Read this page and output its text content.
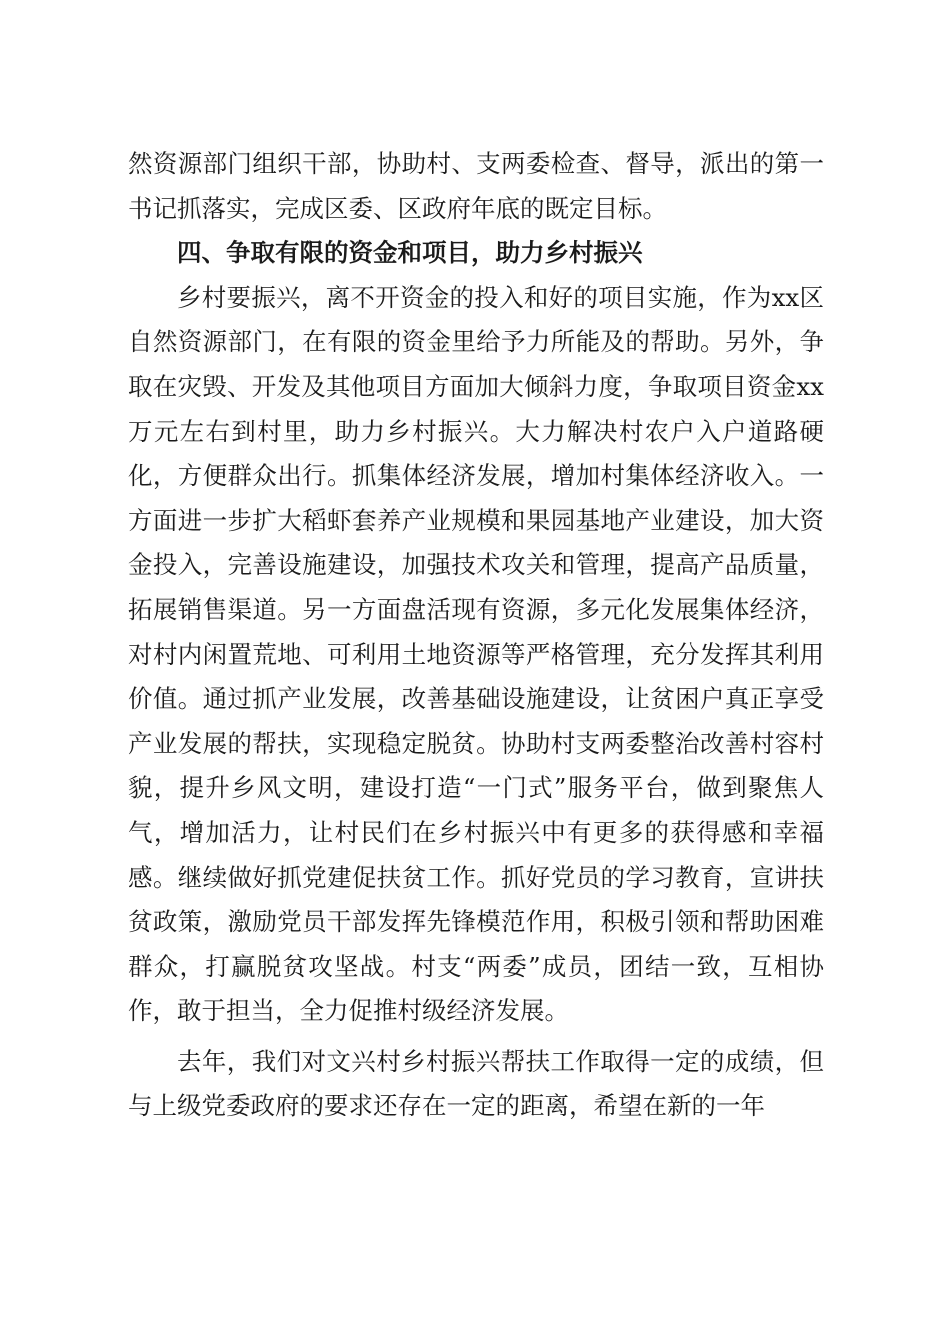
然资源部门组织干部，协助村、支两委检查、督导，派出的第一书记抓落实，完成区委、区政府年底的既定目标。

四、争取有限的资金和项目，助力乡村振兴

乡村要振兴，离不开资金的投入和好的项目实施，作为xx区自然资源部门，在有限的资金里给予力所能及的帮助。另外，争取在灾毁、开发及其他项目方面加大倾斜力度，争取项目资金xx万元左右到村里，助力乡村振兴。大力解决村农户入户道路硬化，方便群众出行。抓集体经济发展，增加村集体经济收入。一方面进一步扩大稻虾套养产业规模和果园基地产业建设，加大资金投入，完善设施建设，加强技术攻关和管理，提高产品质量，拓展销售渠道。另一方面盘活现有资源，多元化发展集体经济，对村内闲置荒地、可利用土地资源等严格管理，充分发挥其利用价值。通过抓产业发展，改善基础设施建设，让贫困户真正享受产业发展的帮扶，实现稳定脱贫。协助村支两委整治改善村容村貌，提升乡风文明，建设打造“一门式”服务平台，做到聚焦人气，增加活力，让村民们在乡村振兴中有更多的获得感和幸福感。继续做好抓党建促扶贫工作。抓好党员的学习教育，宣讲扶贫政策，激励党员干部发挥先锋模范作用，积极引领和帮助困难群众，打赢脱贫攻坚战。村支“两委”成员，团结一致，互相协作，敢于担当，全力促推村级经济发展。

去年，我们对文兴村乡村振兴帮扶工作取得一定的成绩，但与上级党委政府的要求还存在一定的距离，希望在新的一年
